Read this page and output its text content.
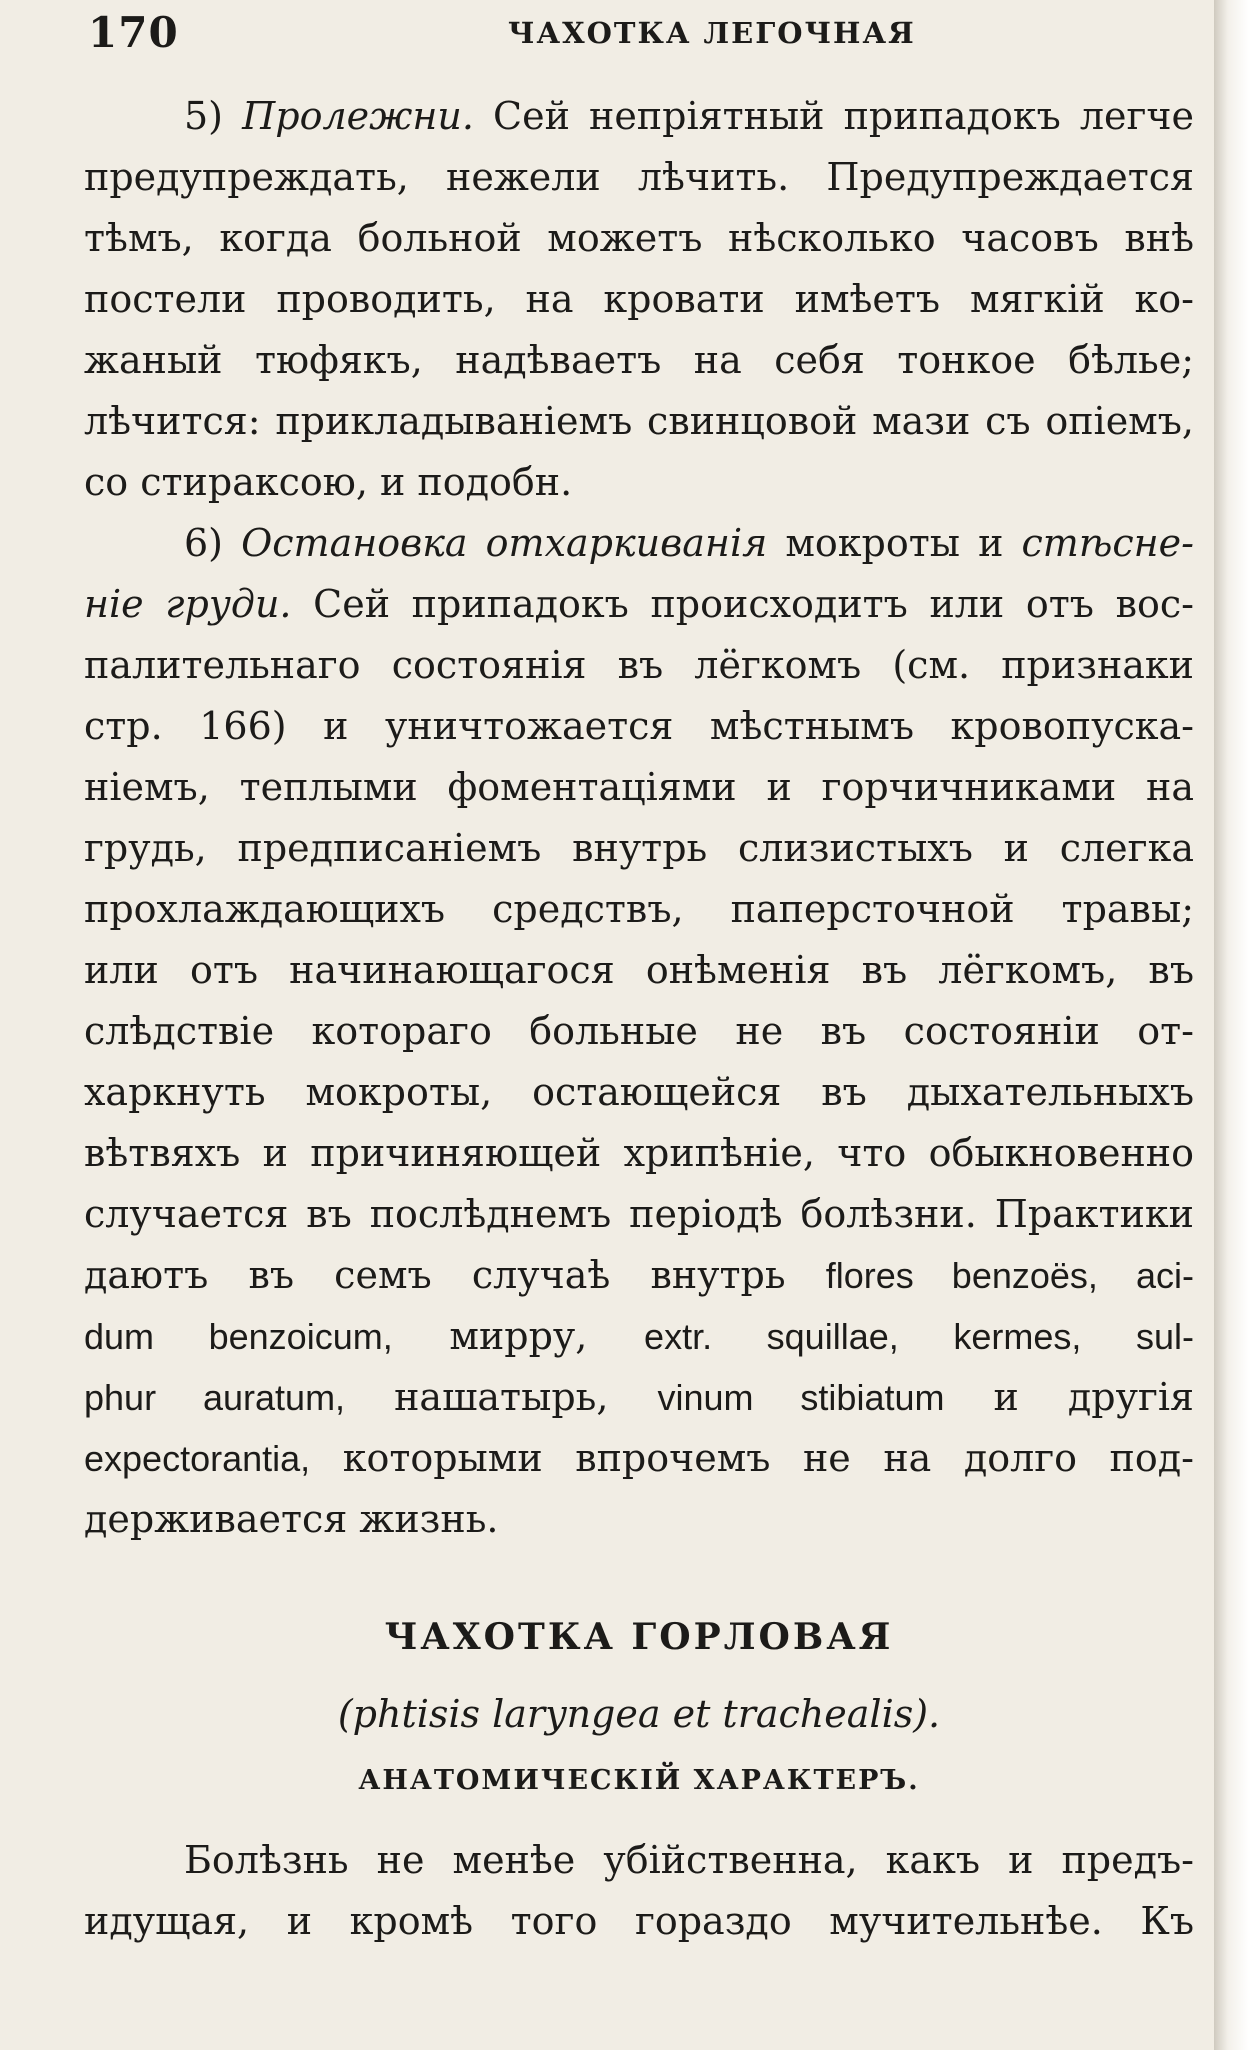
170	ЧАХОТКА ЛЕГОЧНАЯ
5) Пролежни. Сей непріятный припадокъ легче
предупреждать, нежели лѣчить. Предупреждается
тѣмъ, когда больной можетъ нѣсколько часовъ внѣ
постели проводить, на кровати имѣетъ мягкій ко-
жаный тюфякъ, надѣваетъ на себя тонкое бѣлье;
лѣчится: прикладываніемъ свинцовой мази съ опіемъ,
со стираксою, и подобн.
6) Остановка отхаркиванія мокроты и стѣсне-
ніе груди. Сей припадокъ происходитъ или отъ вос-
палительнаго состоянія въ лёгкомъ (см. признаки
стр. 166) и уничтожается мѣстнымъ кровопуска-
ніемъ, теплыми фоментаціями и горчичниками на
грудь, предписаніемъ внутрь слизистыхъ и слегка
прохлаждающихъ средствъ, паперсточной травы;
или отъ начинающагося онѣменія въ лёгкомъ, въ
слѣдствіе котораго больные не въ состояніи от-
харкнуть мокроты, остающейся въ дыхательныхъ
вѣтвяхъ и причиняющей хрипѣніе, что обыкновенно
случается въ послѣднемъ періодѣ болѣзни. Практики
даютъ въ семъ случаѣ внутрь flores benzoës, aci-
dum benzoicum, мирру, extr. squillae, kermes, sul-
phur auratum, нашатырь, vinum stibiatum и другія
expectorantia, которыми впрочемъ не на долго под-
держивается жизнь.
ЧАХОТКА ГОРЛОВАЯ
(phtisis laryngea et trachealis).
АНАТОМИЧЕСКІЙ ХАРАКТЕРЪ.
Болѣзнь не менѣе убійственна, какъ и предъ-
идущая, и кромѣ того гораздо мучительнѣе. Къ
